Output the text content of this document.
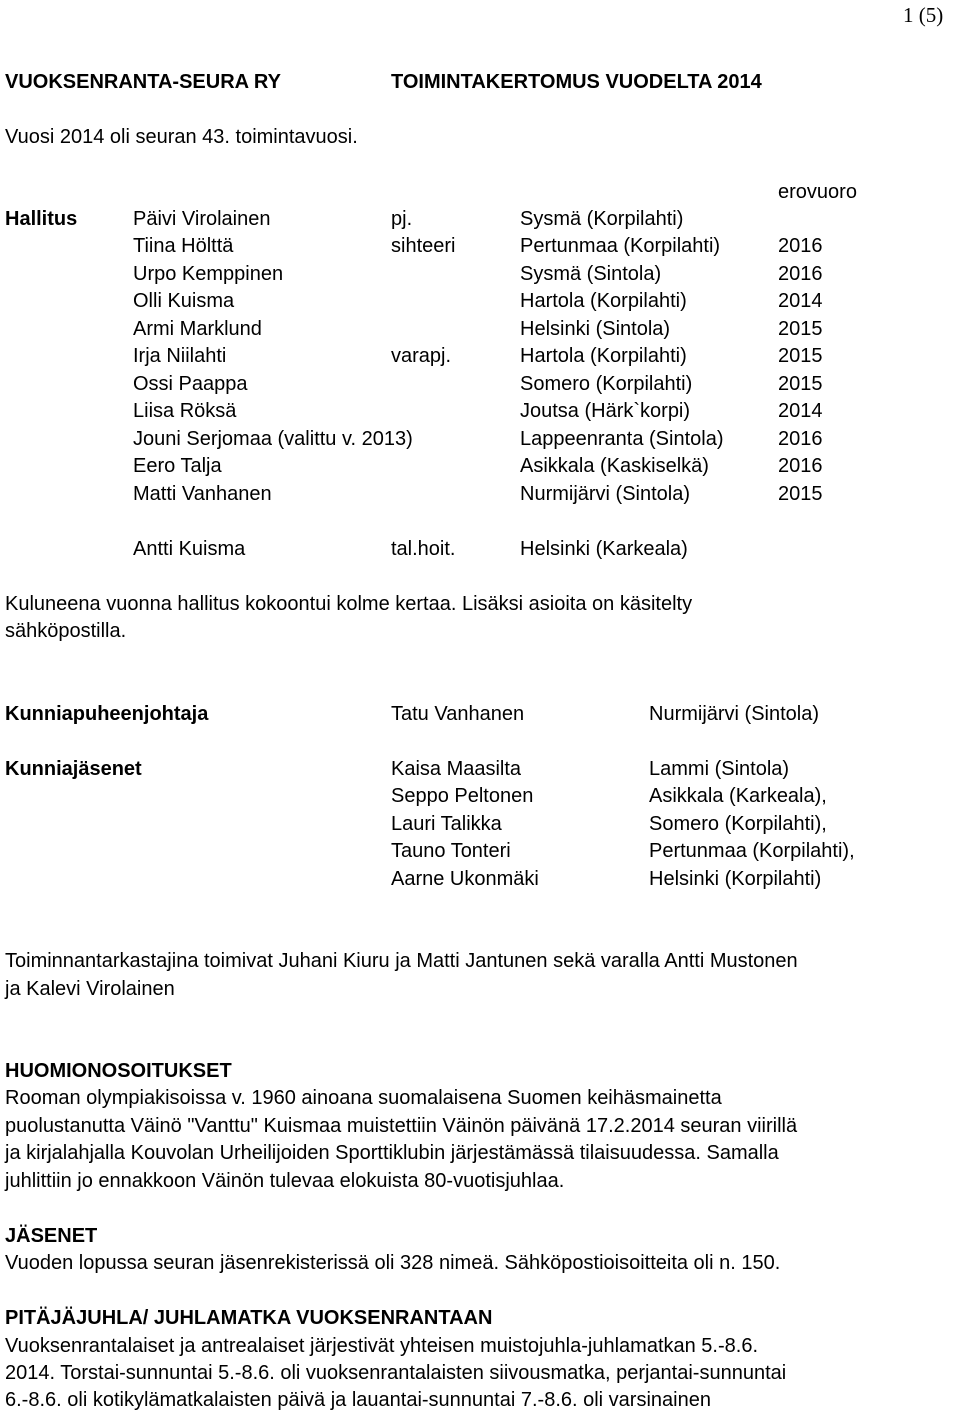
1 (5)
VUOKSENRANTA-SEURA RY	TOIMINTAKERTOMUS VUODELTA 2014
Vuosi 2014 oli seuran 43. toimintavuosi.
erovuoro
Hallitus	Päivi Virolainen	pj.	Sysmä (Korpilahti)
Tiina Hölttä	sihteeri	Pertunmaa (Korpilahti)	2016
Urpo Kemppinen	Sysmä (Sintola)	2016
Olli Kuisma	Hartola (Korpilahti)	2014
Armi Marklund	Helsinki (Sintola)	2015
Irja Niilahti	varapj.	Hartola (Korpilahti)	2015
Ossi Paappa	Somero (Korpilahti)	2015
Liisa Röksä	Joutsa (Härk`korpi)	2014
Jouni Serjomaa (valittu v. 2013)	Lappeenranta (Sintola)	2016
Eero Talja	Asikkala (Kaskiselkä)	2016
Matti Vanhanen	Nurmijärvi (Sintola)	2015
Antti Kuisma	tal.hoit.	Helsinki (Karkeala)
Kuluneena vuonna hallitus kokoontui kolme kertaa. Lisäksi asioita on käsitelty
sähköpostilla.
Kunniapuheenjohtaja	Tatu Vanhanen	Nurmijärvi (Sintola)
Kunniajäsenet	Kaisa Maasilta	Lammi (Sintola)
Seppo Peltonen	Asikkala (Karkeala),
Lauri Talikka	Somero (Korpilahti),
Tauno Tonteri	Pertunmaa (Korpilahti),
Aarne Ukonmäki	Helsinki (Korpilahti)
Toiminnantarkastajina toimivat Juhani Kiuru ja Matti Jantunen sekä varalla Antti Mustonen
ja Kalevi Virolainen
HUOMIONOSOITUKSET
Rooman olympiakisoissa v. 1960 ainoana suomalaisena Suomen keihäsmainetta
puolustanutta Väinö "Vanttu" Kuismaa muistettiin Väinön päivänä 17.2.2014 seuran viirillä
ja kirjalahjalla Kouvolan Urheilijoiden Sporttiklubin järjestämässä tilaisuudessa. Samalla
juhlittiin jo ennakkoon Väinön tulevaa elokuista 80-vuotisjuhlaa.
JÄSENET
Vuoden lopussa seuran jäsenrekisterissä oli 328 nimeä. Sähköpostioisoitteita oli n. 150.
PITÄJÄJUHLA/ JUHLAMATKA VUOKSENRANTAAN
Vuoksenrantalaiset ja antrealaiset järjestivät yhteisen muistojuhla-juhlamatkan 5.-8.6.
2014. Torstai-sunnuntai 5.-8.6. oli vuoksenrantalaisten siivousmatka, perjantai-sunnuntai
6.-8.6. oli kotikylämatkalaisten päivä ja lauantai-sunnuntai 7.-8.6. oli varsinainen
